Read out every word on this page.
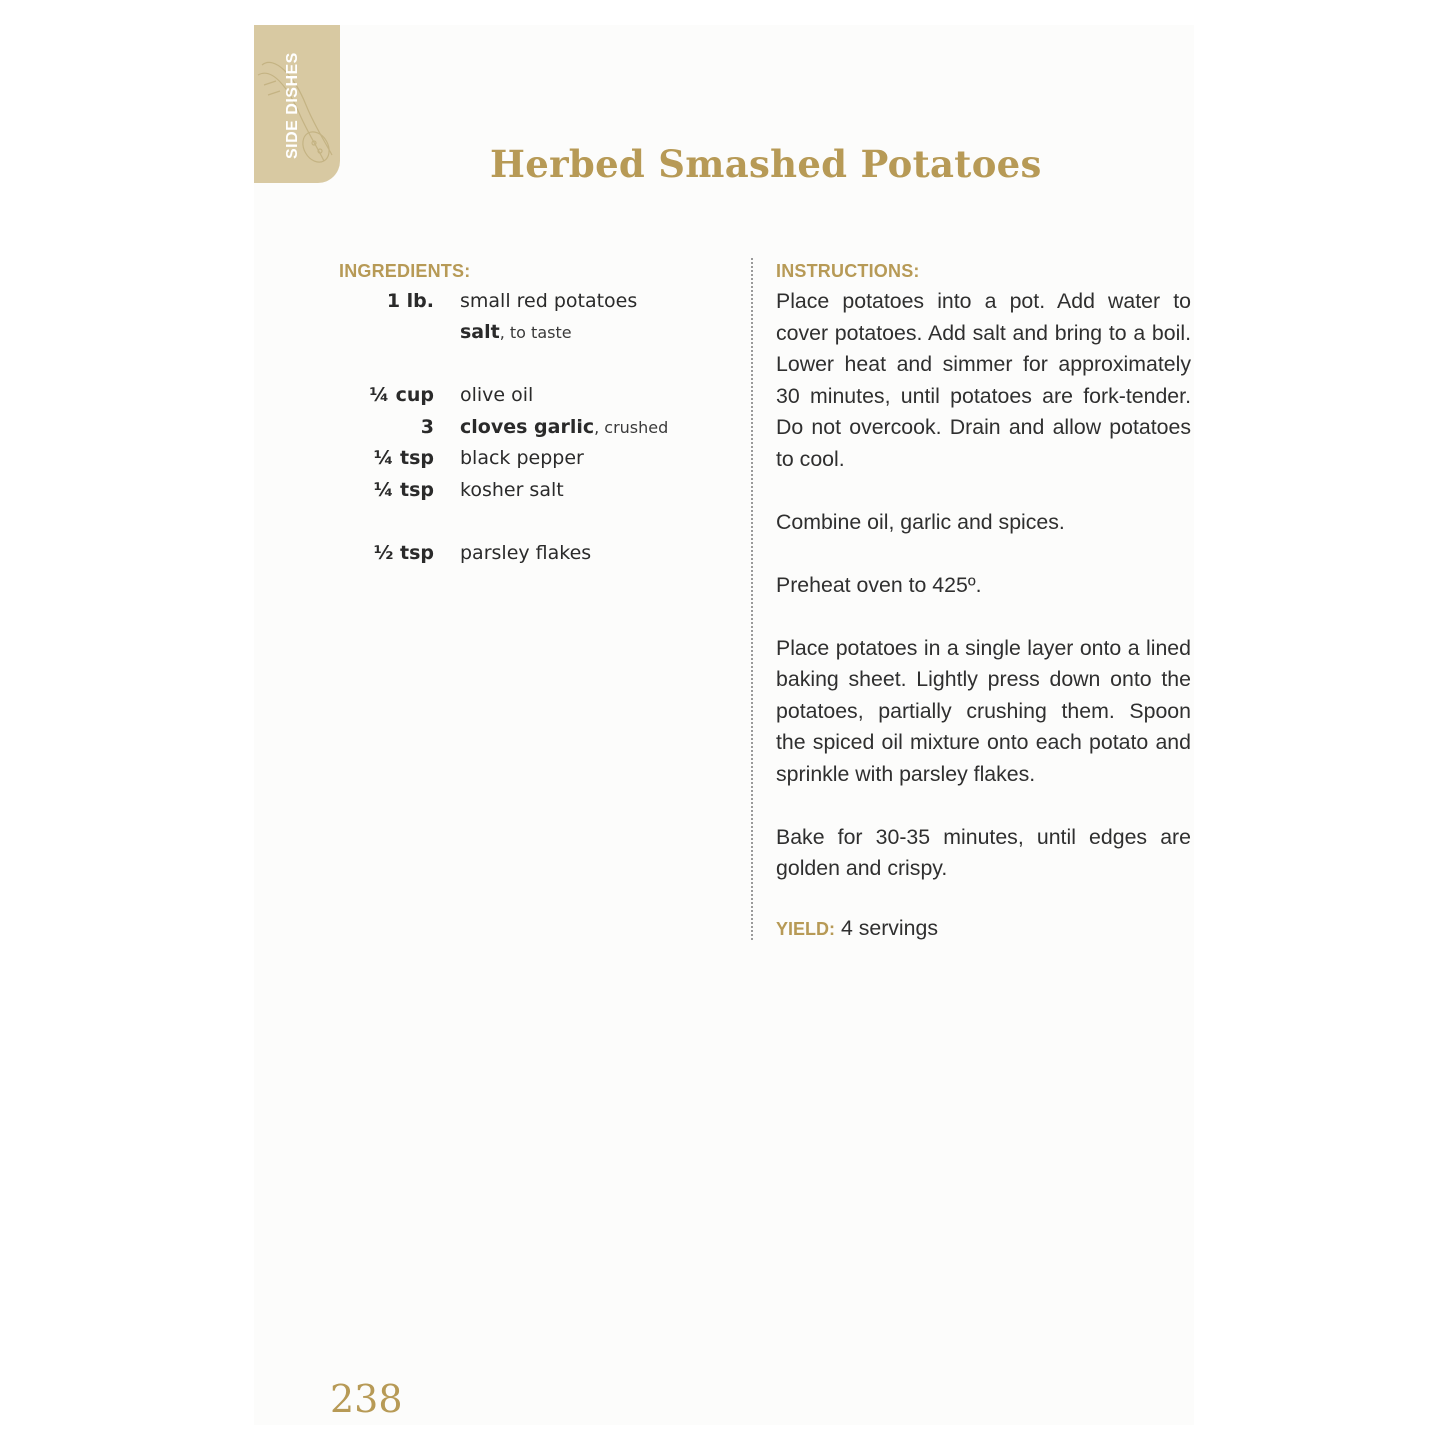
SIDE DISHES
Herbed Smashed Potatoes
INGREDIENTS:
1 lb. small red potatoes
salt, to taste
¼ cup olive oil
3 cloves garlic, crushed
¼ tsp black pepper
¼ tsp kosher salt
½ tsp parsley flakes
INSTRUCTIONS:

Place potatoes into a pot. Add water to cover potatoes. Add salt and bring to a boil. Lower heat and simmer for approximately 30 minutes, until potatoes are fork-tender. Do not overcook. Drain and allow potatoes to cool.

Combine oil, garlic and spices.

Preheat oven to 425º.

Place potatoes in a single layer onto a lined baking sheet. Lightly press down onto the potatoes, partially crushing them. Spoon the spiced oil mixture onto each potato and sprinkle with parsley flakes.

Bake for 30-35 minutes, until edges are golden and crispy.

YIELD: 4 servings
238
